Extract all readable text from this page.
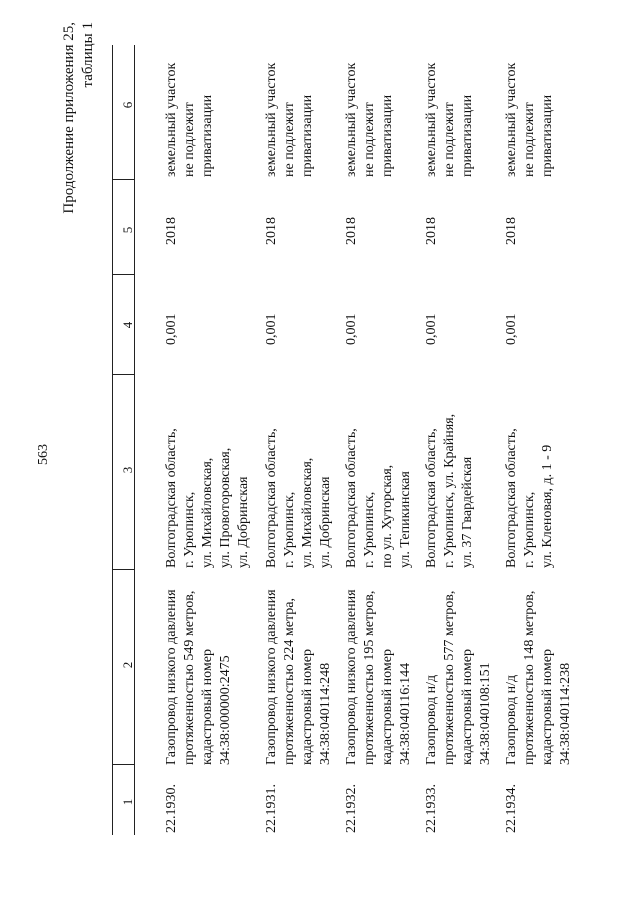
563
Продолжение приложения 25, таблицы 1
1
2
3
4
5
6
22.1930.
Газопровод низкого давления
протяженностью 549 метров,
кадастровый номер
34:38:000000:2475
Волгоградская область,
г. Урюпинск,
ул. Михайловская,
ул. Провоторовская,
ул. Добринская
0,001
2018
земельный участок
не подлежит
приватизации
22.1931.
Газопровод низкого давления
протяженностью 224 метра,
кадастровый номер
34:38:040114:248
Волгоградская область,
г. Урюпинск,
ул. Михайловская,
ул. Добринская
0,001
2018
земельный участок
не подлежит
приватизации
22.1932.
Газопровод низкого давления
протяженностью 195 метров,
кадастровый номер
34:38:040116:144
Волгоградская область,
г. Урюпинск,
по ул. Хуторская,
ул. Тепикинская
0,001
2018
земельный участок
не подлежит
приватизации
22.1933.
Газопровод н/д
протяженностью 577 метров,
кадастровый номер
34:38:040108:151
Волгоградская область,
г. Урюпинск, ул. Крайняя,
ул. 37 Гвардейская
0,001
2018
земельный участок
не подлежит
приватизации
22.1934.
Газопровод н/д
протяженностью 148 метров,
кадастровый номер
34:38:040114:238
Волгоградская область,
г. Урюпинск,
ул. Кленовая, д. 1 - 9
0,001
2018
земельный участок
не подлежит
приватизации
